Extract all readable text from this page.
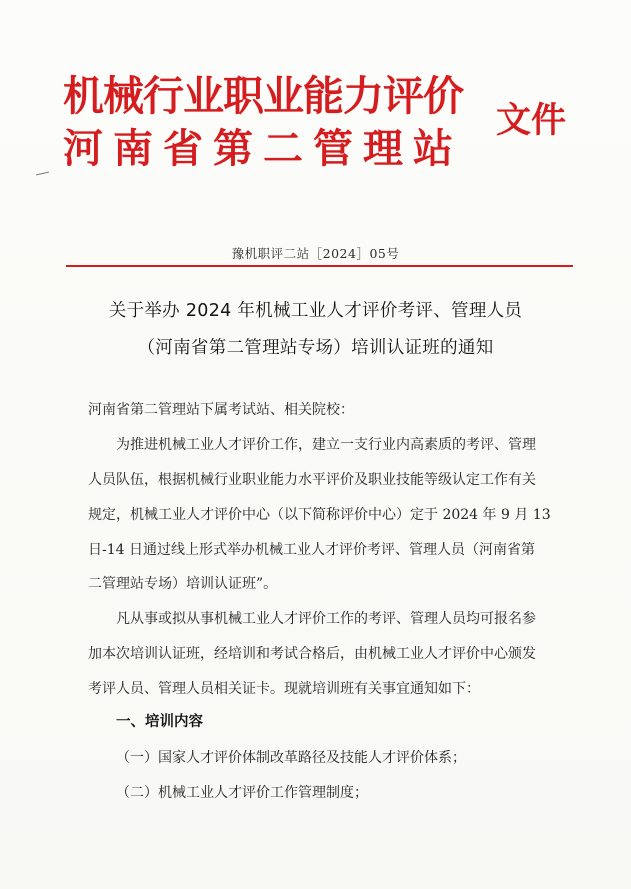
机械行业职业能力评价
河南省第二管理站
文件
豫机职评二站［2024］05号
关于举办 2024 年机械工业人才评价考评、管理人员
（河南省第二管理站专场）培训认证班的通知
河南省第二管理站下属考试站、相关院校：
为推进机械工业人才评价工作，建立一支行业内高素质的考评、管理
人员队伍，根据机械行业职业能力水平评价及职业技能等级认定工作有关
规定，机械工业人才评价中心（以下简称评价中心）定于 2024 年 9 月 13
日-14 日通过线上形式举办机械工业人才评价考评、管理人员（河南省第
二管理站专场）培训认证班”。
凡从事或拟从事机械工业人才评价工作的考评、管理人员均可报名参
加本次培训认证班，经培训和考试合格后，由机械工业人才评价中心颁发
考评人员、管理人员相关证卡。现就培训班有关事宜通知如下：
一、培训内容
（一）国家人才评价体制改革路径及技能人才评价体系；
（二）机械工业人才评价工作管理制度；
